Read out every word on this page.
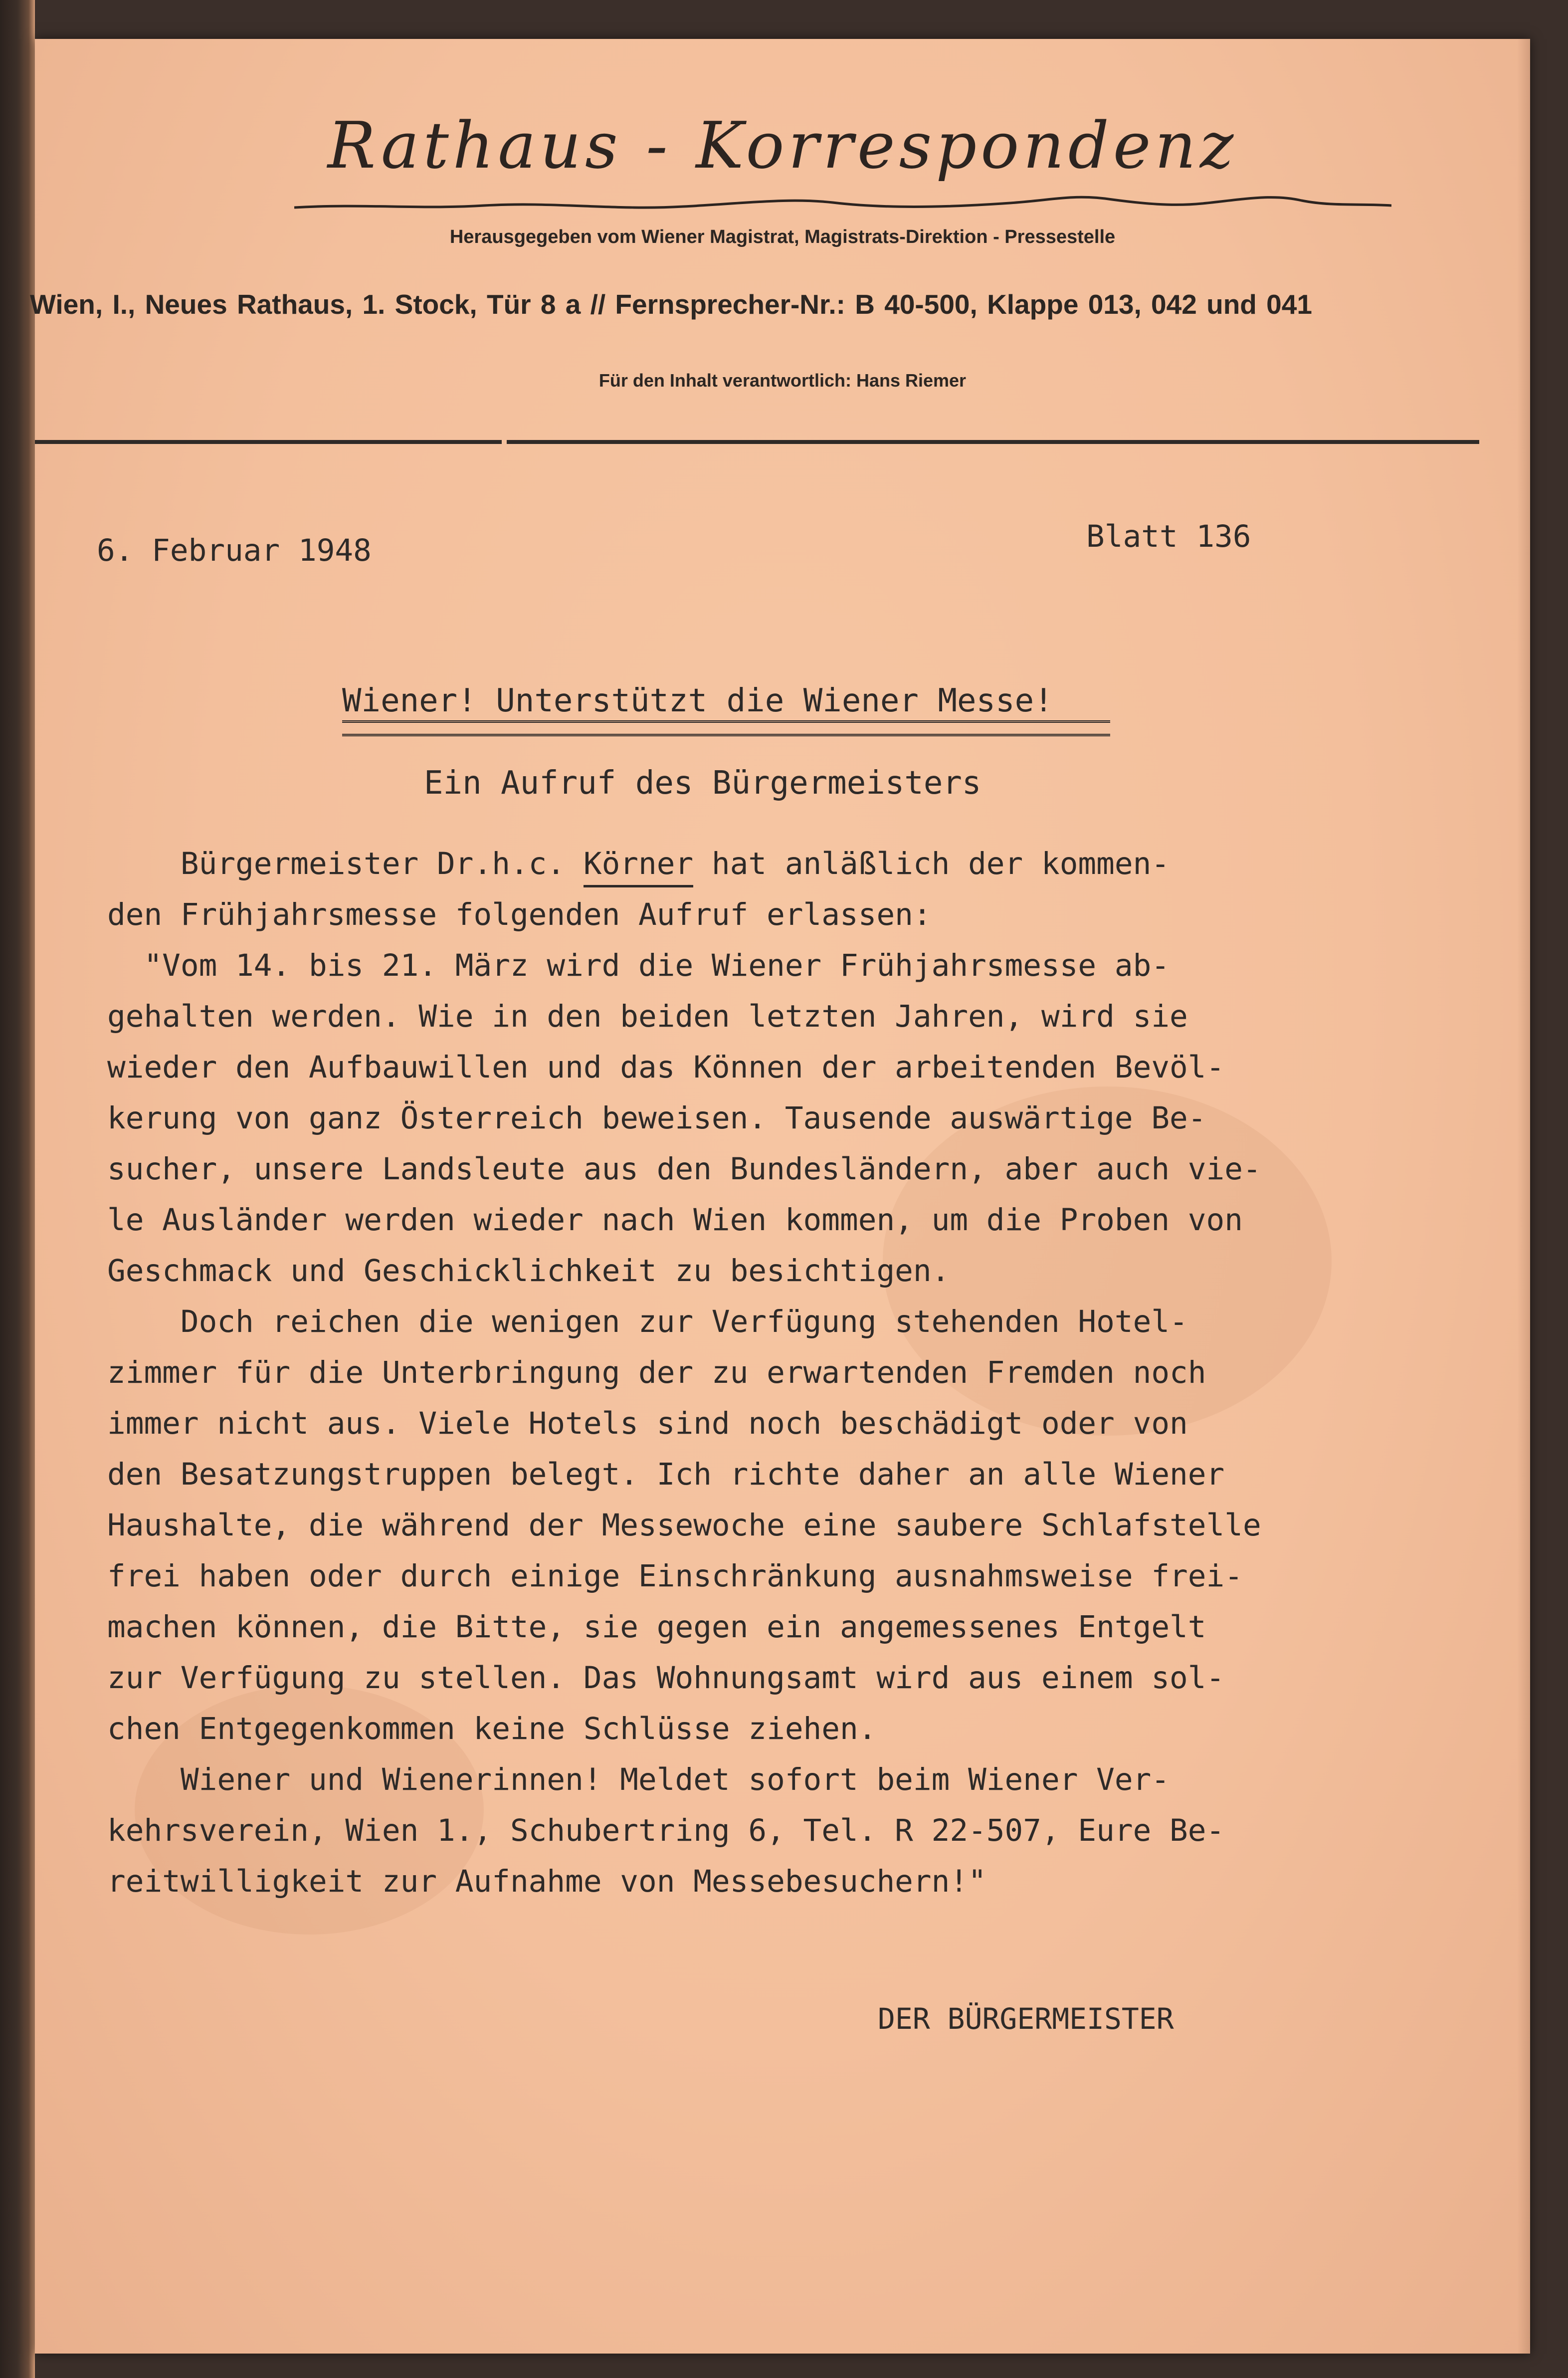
Rathaus - Korrespondenz

Herausgegeben vom Wiener Magistrat, Magistrats-Direktion - Pressestelle

Wien, I., Neues Rathaus, 1. Stock, Tür 8 a // Fernsprecher-Nr.: B 40-500, Klappe 013, 042 und 041

Für den Inhalt verantwortlich: Hans Riemer

6. Februar 1948	Blatt 136

Wiener! Unterstützt die Wiener Messe!

Ein Aufruf des Bürgermeisters

Bürgermeister Dr.h.c. Körner hat anläßlich der kommen-

den Frühjahrsmesse folgenden Aufruf erlassen:

"Vom 14. bis 21. März wird die Wiener Frühjahrsmesse ab-

gehalten werden. Wie in den beiden letzten Jahren, wird sie

wieder den Aufbauwillen und das Können der arbeitenden Bevöl-

kerung von ganz Österreich beweisen. Tausende auswärtige Be-

sucher, unsere Landsleute aus den Bundesländern, aber auch vie-

le Ausländer werden wieder nach Wien kommen, um die Proben von

Geschmack und Geschicklichkeit zu besichtigen.

Doch reichen die wenigen zur Verfügung stehenden Hotel-

zimmer für die Unterbringung der zu erwartenden Fremden noch

immer nicht aus. Viele Hotels sind noch beschädigt oder von

den Besatzungstruppen belegt. Ich richte daher an alle Wiener

Haushalte, die während der Messewoche eine saubere Schlafstelle

frei haben oder durch einige Einschränkung ausnahmsweise frei-

machen können, die Bitte, sie gegen ein angemessenes Entgelt

zur Verfügung zu stellen. Das Wohnungsamt wird aus einem sol-

chen Entgegenkommen keine Schlüsse ziehen.

Wiener und Wienerinnen! Meldet sofort beim Wiener Ver-

kehrsverein, Wien 1., Schubertring 6, Tel. R 22-507, Eure Be-

reitwilligkeit zur Aufnahme von Messebesuchern!"

DER BÜRGERMEISTER
